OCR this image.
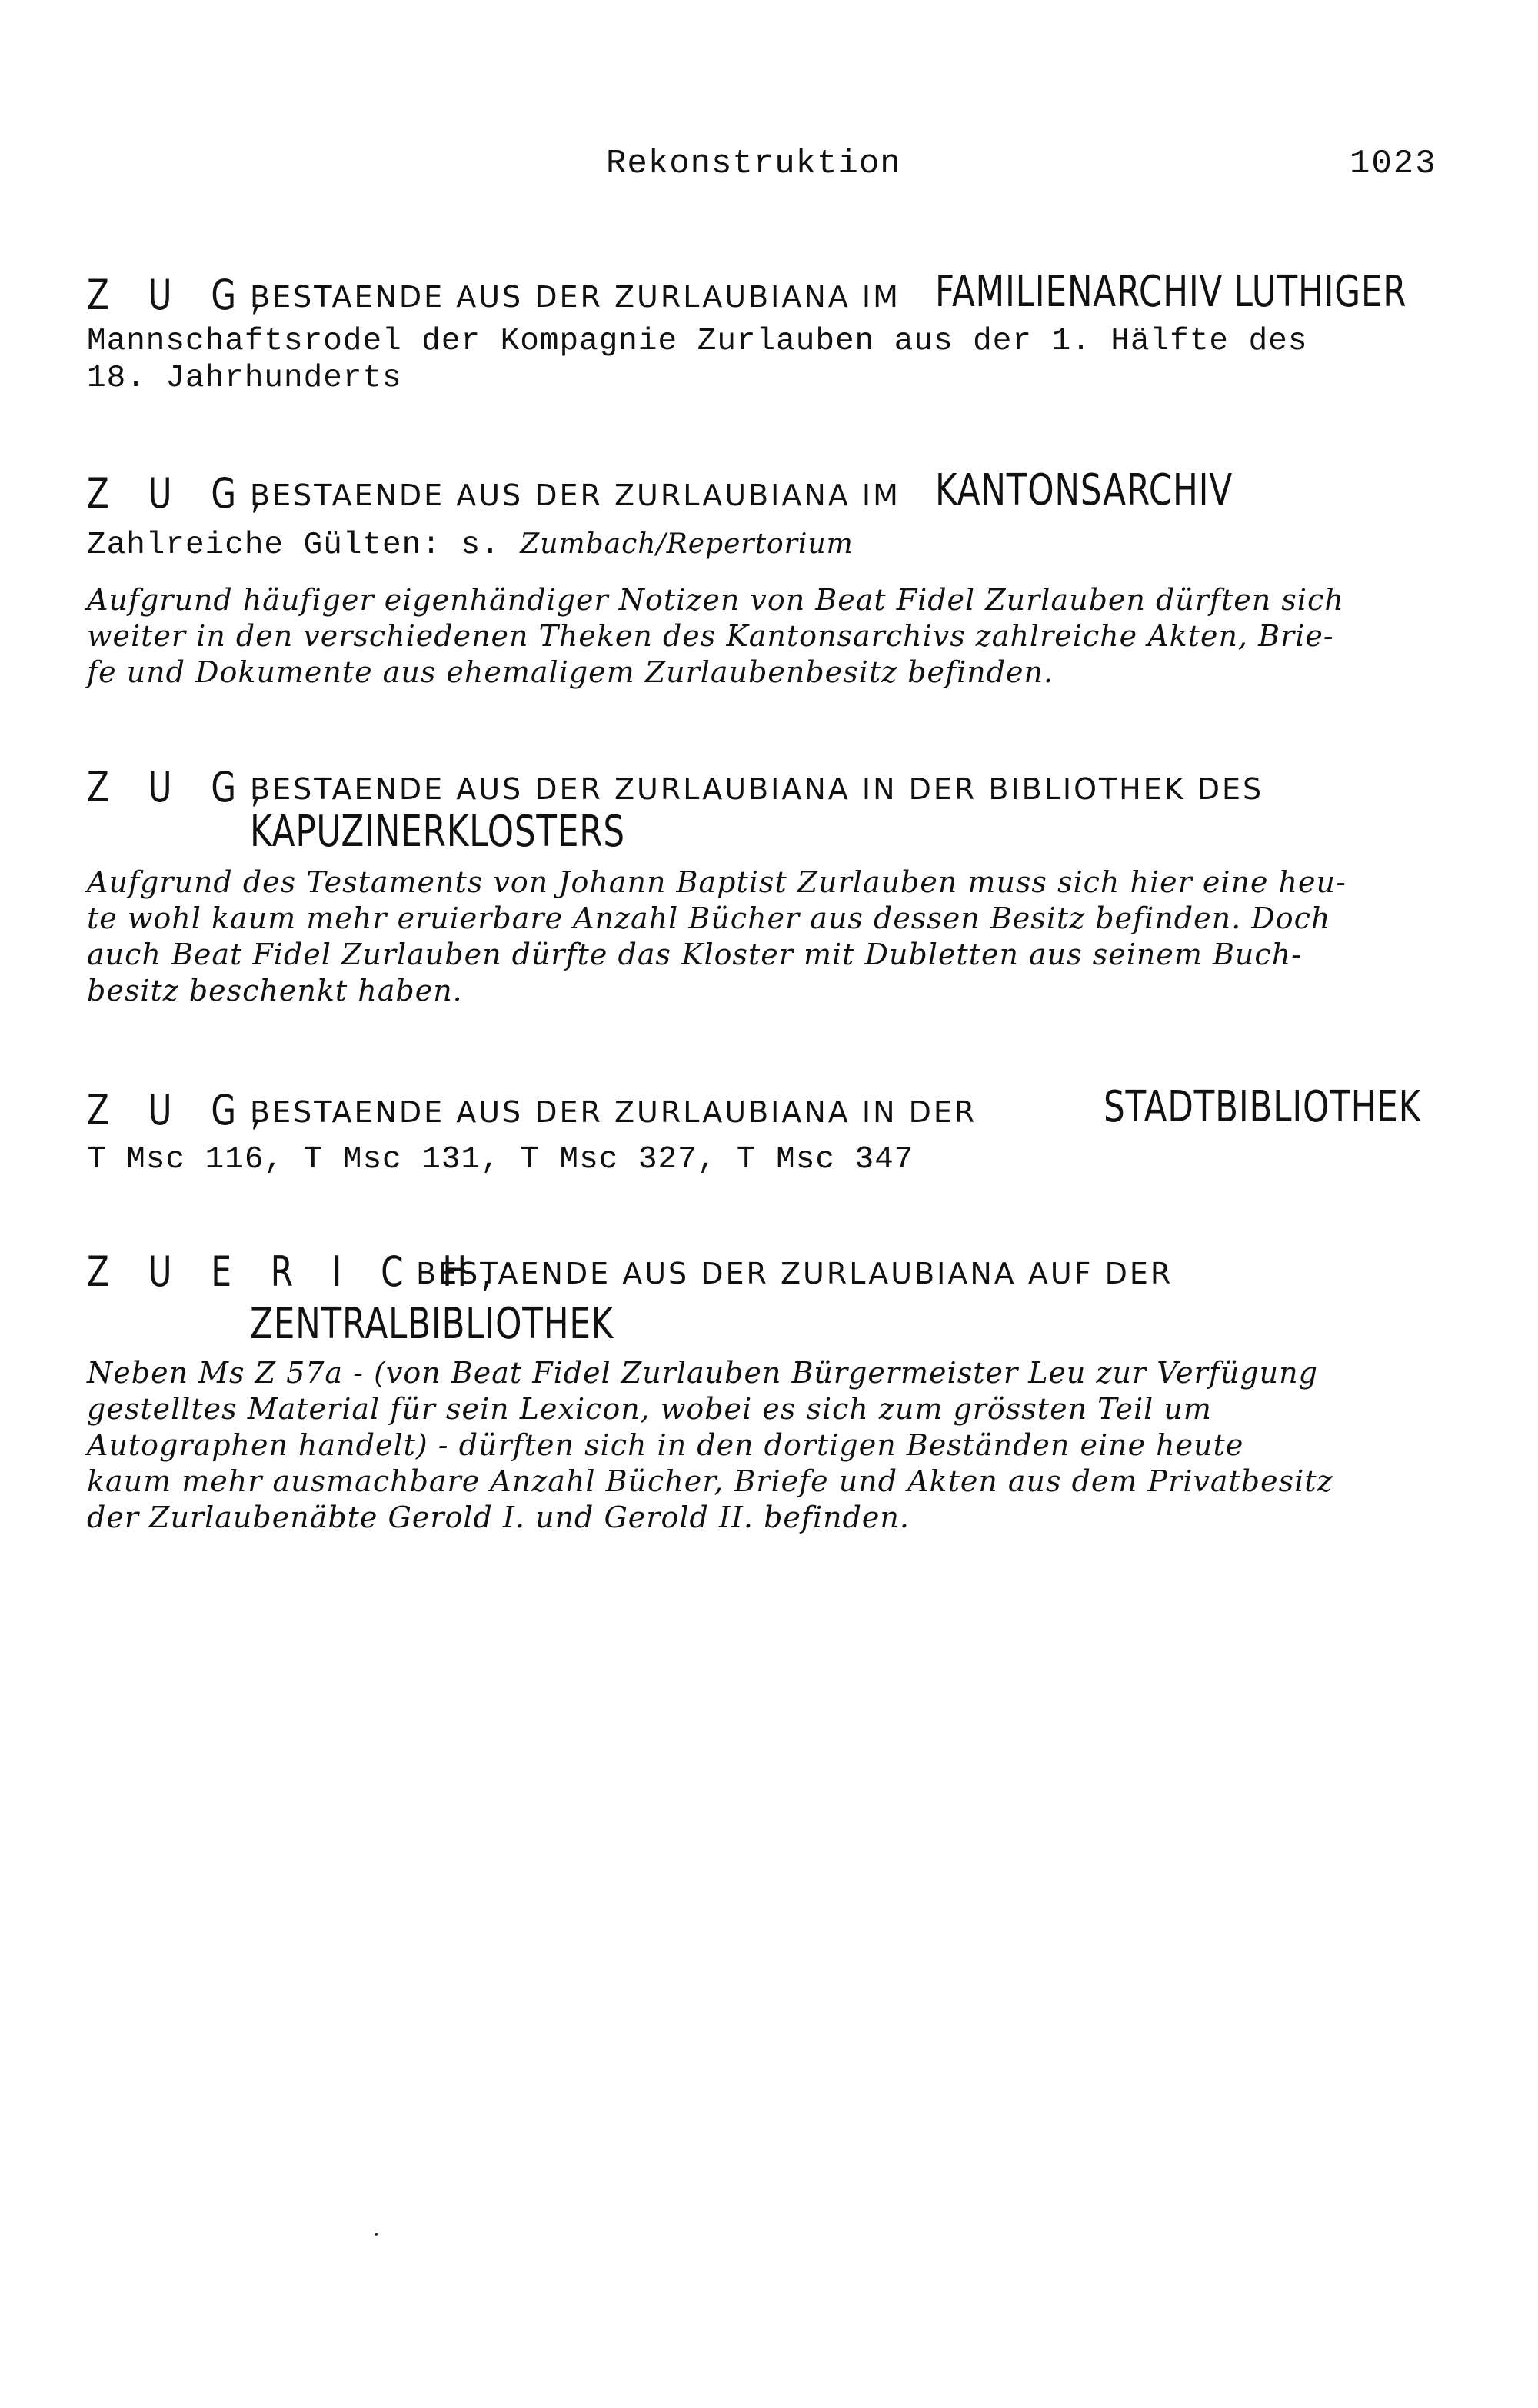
Rekonstruktion	1023
Z U G,
BESTAENDE AUS DER ZURLAUBIANA IM FAMILIENARCHIV LUTHIGER
Mannschaftsrodel der Kompagnie Zurlauben aus der 1. Hälfte des
18. Jahrhunderts
Z U G,
BESTAENDE AUS DER ZURLAUBIANA IM KANTONSARCHIV
Zahlreiche Gülten: s. Zumbach/Repertorium
Aufgrund häufiger eigenhändiger Notizen von Beat Fidel Zurlauben dürften sich
weiter in den verschiedenen Theken des Kantonsarchivs zahlreiche Akten, Brie-
fe und Dokumente aus ehemaligem Zurlaubenbesitz befinden.
Z U G,
BESTAENDE AUS DER ZURLAUBIANA IN DER BIBLIOTHEK DES
KAPUZINERKLOSTERS
Aufgrund des Testaments von Johann Baptist Zurlauben muss sich hier eine heu-
te wohl kaum mehr eruierbare Anzahl Bücher aus dessen Besitz befinden. Doch
auch Beat Fidel Zurlauben dürfte das Kloster mit Dubletten aus seinem Buch-
besitz beschenkt haben.
Z U G,
BESTAENDE AUS DER ZURLAUBIANA IN DER	STADTBIBLIOTHEK
T Msc 116, T Msc 131, T Msc 327, T Msc 347
Z U E R I C H,
BESTAENDE AUS DER ZURLAUBIANA AUF DER
ZENTRALBIBLIOTHEK
Neben Ms Z 57a - (von Beat Fidel Zurlauben Bürgermeister Leu zur Verfügung
gestelltes Material für sein Lexicon, wobei es sich zum grössten Teil um
Autographen handelt) - dürften sich in den dortigen Beständen eine heute
kaum mehr ausmachbare Anzahl Bücher, Briefe und Akten aus dem Privatbesitz
der Zurlaubenäbte Gerold I. und Gerold II. befinden.
